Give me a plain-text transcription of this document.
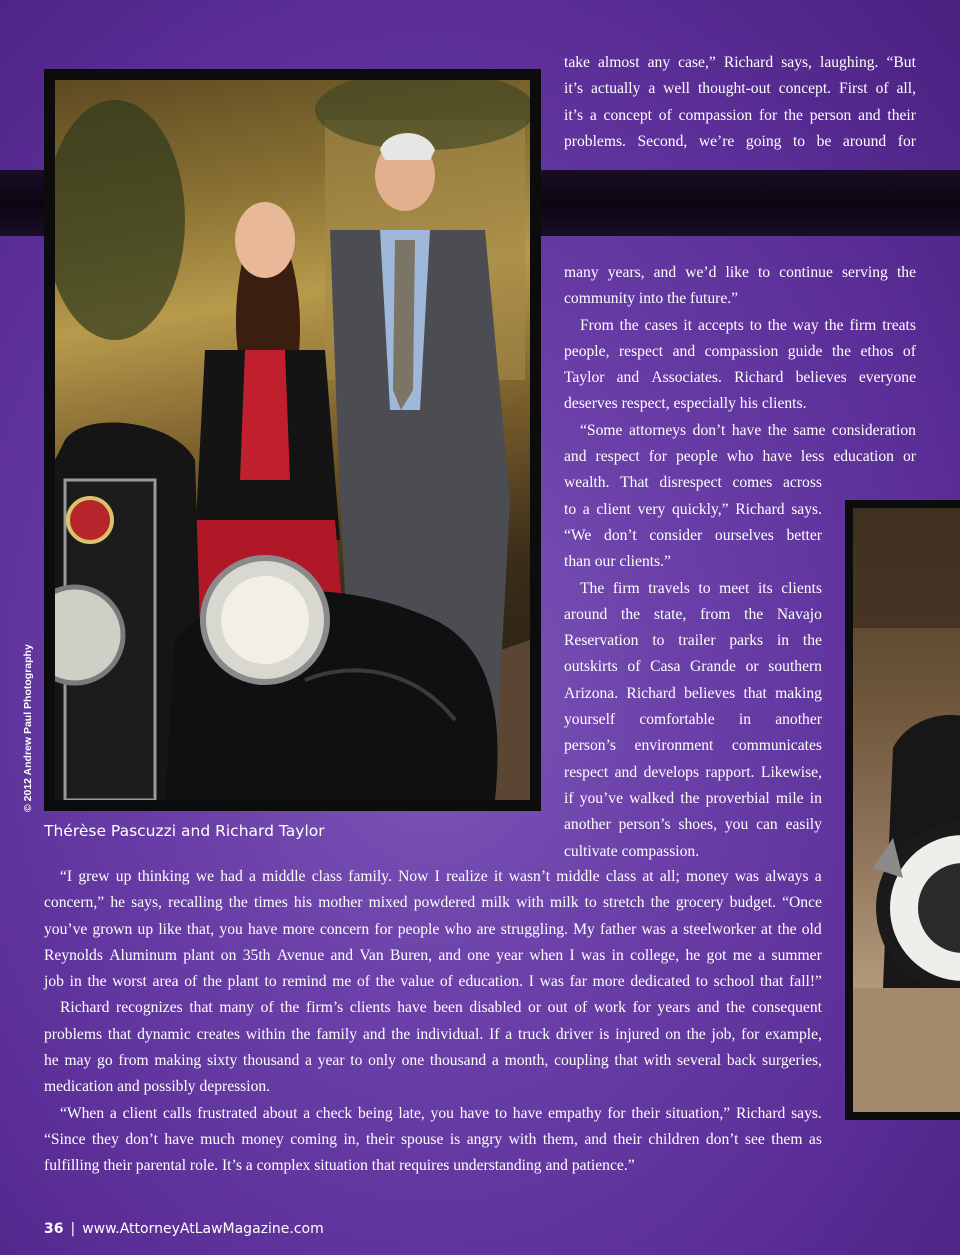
© 2012 Andrew Paul Photography
Thérèse Pascuzzi and Richard Taylor
take almost any case,” Richard says, laughing. “But
it’s actually a well thought-out concept. First of all,
it’s a concept of compassion for the person and their
problems. Second, we’re going to be around for
many years, and we’d like to continue serving the
community into the future.”
From the cases it accepts to the way the firm treats
people, respect and compassion guide the ethos of
Taylor and Associates. Richard believes everyone
deserves respect, especially his clients.
“Some attorneys don’t have the same consideration
and respect for people who have less education or
wealth. That disrespect comes across
to a client very quickly,” Richard says.
“We don’t consider ourselves better
than our clients.”
The firm travels to meet its clients
around the state, from the Navajo
Reservation to trailer parks in the
outskirts of Casa Grande or southern
Arizona. Richard believes that making
yourself comfortable in another
person’s environment communicates
respect and develops rapport. Likewise,
if you’ve walked the proverbial mile in
another person’s shoes, you can easily
cultivate compassion.
“I grew up thinking we had a middle class family. Now I realize it wasn’t middle class at all; money was always a
concern,” he says, recalling the times his mother mixed powdered milk with milk to stretch the grocery budget. “Once
you’ve grown up like that, you have more concern for people who are struggling. My father was a steelworker at the old
Reynolds Aluminum plant on 35th Avenue and Van Buren, and one year when I was in college, he got me a summer
job in the worst area of the plant to remind me of the value of education. I was far more dedicated to school that fall!”
Richard recognizes that many of the firm’s clients have been disabled or out of work for years and the consequent
problems that dynamic creates within the family and the individual. If a truck driver is injured on the job, for example,
he may go from making sixty thousand a year to only one thousand a month, coupling that with several back surgeries,
medication and possibly depression.
“When a client calls frustrated about a check being late, you have to have empathy for their situation,” Richard says.
“Since they don’t have much money coming in, their spouse is angry with them, and their children don’t see them as
fulfilling their parental role. It’s a complex situation that requires understanding and patience.”
36 | www.AttorneyAtLawMagazine.com
